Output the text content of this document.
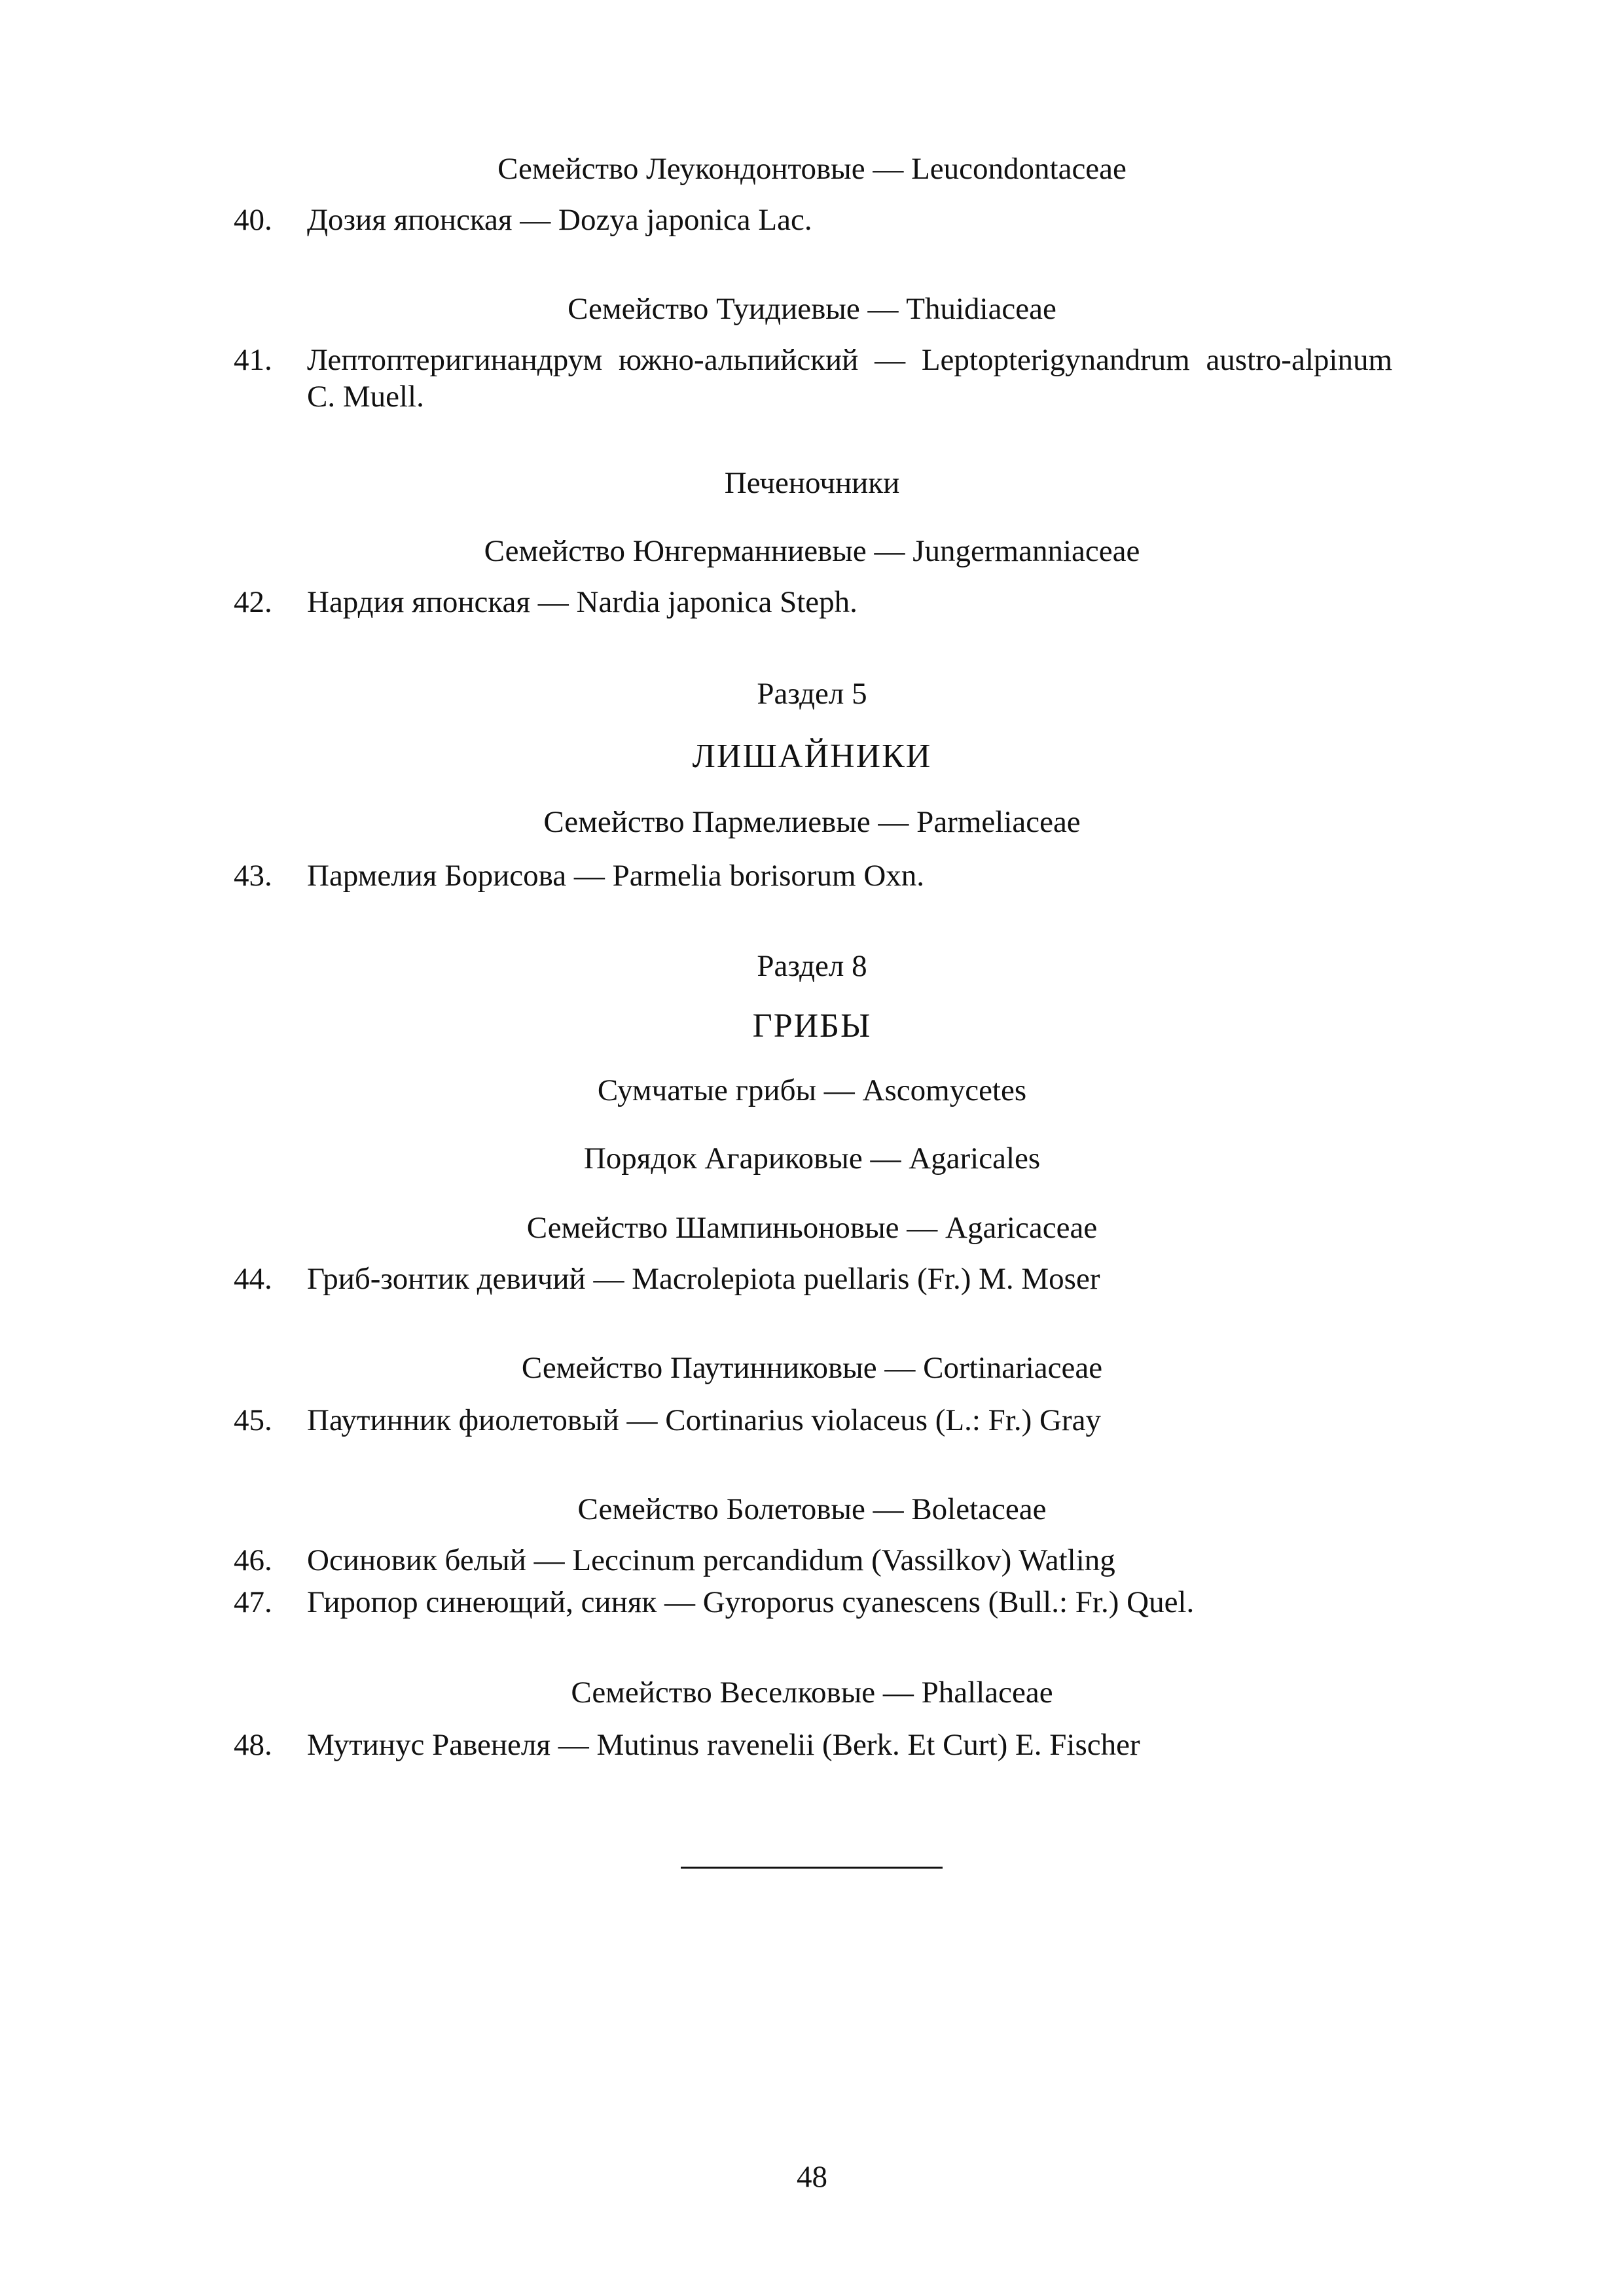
Семейство Леукондонтовые — Leucondontaceae
40. Дозия японская — Dozya japonica Lac.
Семейство Туидиевые — Thuidiaceae
41. Лептоптеригинандрум южно-альпийский — Leptopterigynandrum austro-alpinum C. Muell.
Печеночники
Семейство Юнгерманниевые — Jungermanniaceae
42. Нардия японская — Nardia japonica Steph.
Раздел 5
ЛИШАЙНИКИ
Семейство Пармелиевые — Parmeliaceae
43. Пармелия Борисова — Parmelia borisorum Oxn.
Раздел 8
ГРИБЫ
Сумчатые грибы — Ascomycetes
Порядок Агариковые — Agaricales
Семейство Шампиньоновые — Agaricaceae
44. Гриб-зонтик девичий — Macrolepiota puellaris (Fr.) M. Moser
Семейство Паутинниковые — Cortinariaceae
45. Паутинник фиолетовый — Cortinarius violaceus (L.: Fr.) Gray
Семейство Болетовые — Boletaceae
46. Осиновик белый — Leccinum percandidum (Vassilkov) Watling
47. Гиропор синеющий, синяк — Gyroporus cyanescens (Bull.: Fr.) Quel.
Семейство Веселковые — Phallaceae
48. Мутинус Равенеля — Mutinus ravenelii (Berk. Et Curt) E. Fischer
48
